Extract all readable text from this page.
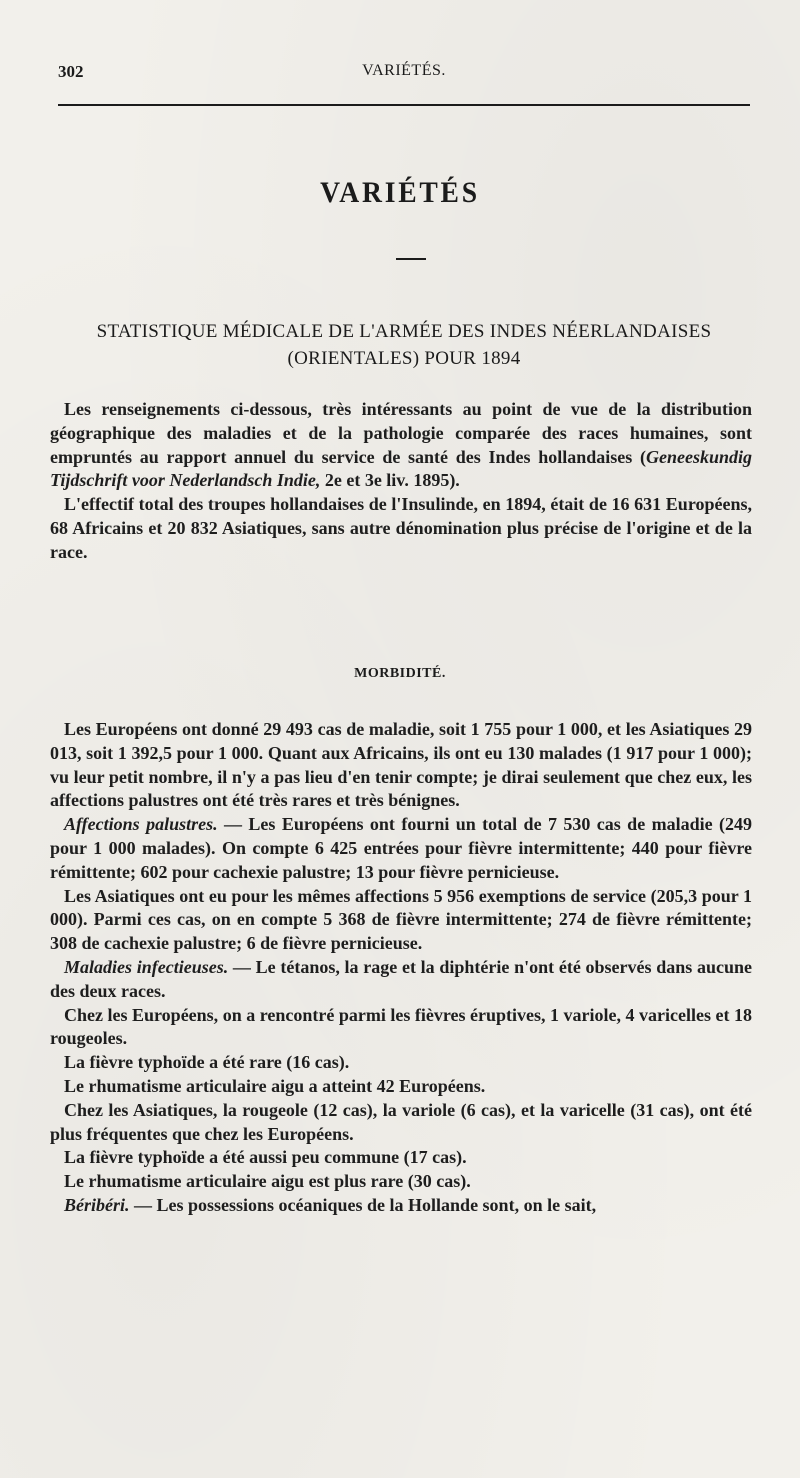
302	VARIÉTÉS.
VARIÉTÉS
STATISTIQUE MÉDICALE DE L'ARMÉE DES INDES NÉERLANDAISES
(ORIENTALES) POUR 1894

Les renseignements ci-dessous, très intéressants au point de vue de la distribution géographique des maladies et de la pathologie comparée des races humaines, sont empruntés au rapport annuel du service de santé des Indes hollandaises (Geneeskundig Tijdschrift voor Nederlandsch Indie, 2e et 3e liv. 1895).

L'effectif total des troupes hollandaises de l'Insulinde, en 1894, était de 16 631 Européens, 68 Africains et 20 832 Asiatiques, sans autre dénomination plus précise de l'origine et de la race.

MORBIDITÉ.

Les Européens ont donné 29 493 cas de maladie, soit 1 755 pour 1 000, et les Asiatiques 29 013, soit 1 392,5 pour 1 000. Quant aux Africains, ils ont eu 130 malades (1 917 pour 1 000); vu leur petit nombre, il n'y a pas lieu d'en tenir compte; je dirai seulement que chez eux, les affections palustres ont été très rares et très bénignes.

Affections palustres. — Les Européens ont fourni un total de 7 530 cas de maladie (249 pour 1 000 malades). On compte 6 425 entrées pour fièvre intermittente; 440 pour fièvre rémittente; 602 pour cachexie palustre; 13 pour fièvre pernicieuse.

Les Asiatiques ont eu pour les mêmes affections 5 956 exemptions de service (205,3 pour 1 000). Parmi ces cas, on en compte 5 368 de fièvre intermittente; 274 de fièvre rémittente; 308 de cachexie palustre; 6 de fièvre pernicieuse.

Maladies infectieuses. — Le tétanos, la rage et la diphtérie n'ont été observés dans aucune des deux races.

Chez les Européens, on a rencontré parmi les fièvres éruptives, 1 variole, 4 varicelles et 18 rougeoles.

La fièvre typhoïde a été rare (16 cas).

Le rhumatisme articulaire aigu a atteint 42 Européens.

Chez les Asiatiques, la rougeole (12 cas), la variole (6 cas), et la varicelle (31 cas), ont été plus fréquentes que chez les Européens.

La fièvre typhoïde a été aussi peu commune (17 cas).

Le rhumatisme articulaire aigu est plus rare (30 cas).

Béribéri. — Les possessions océaniques de la Hollande sont, on le sait,
